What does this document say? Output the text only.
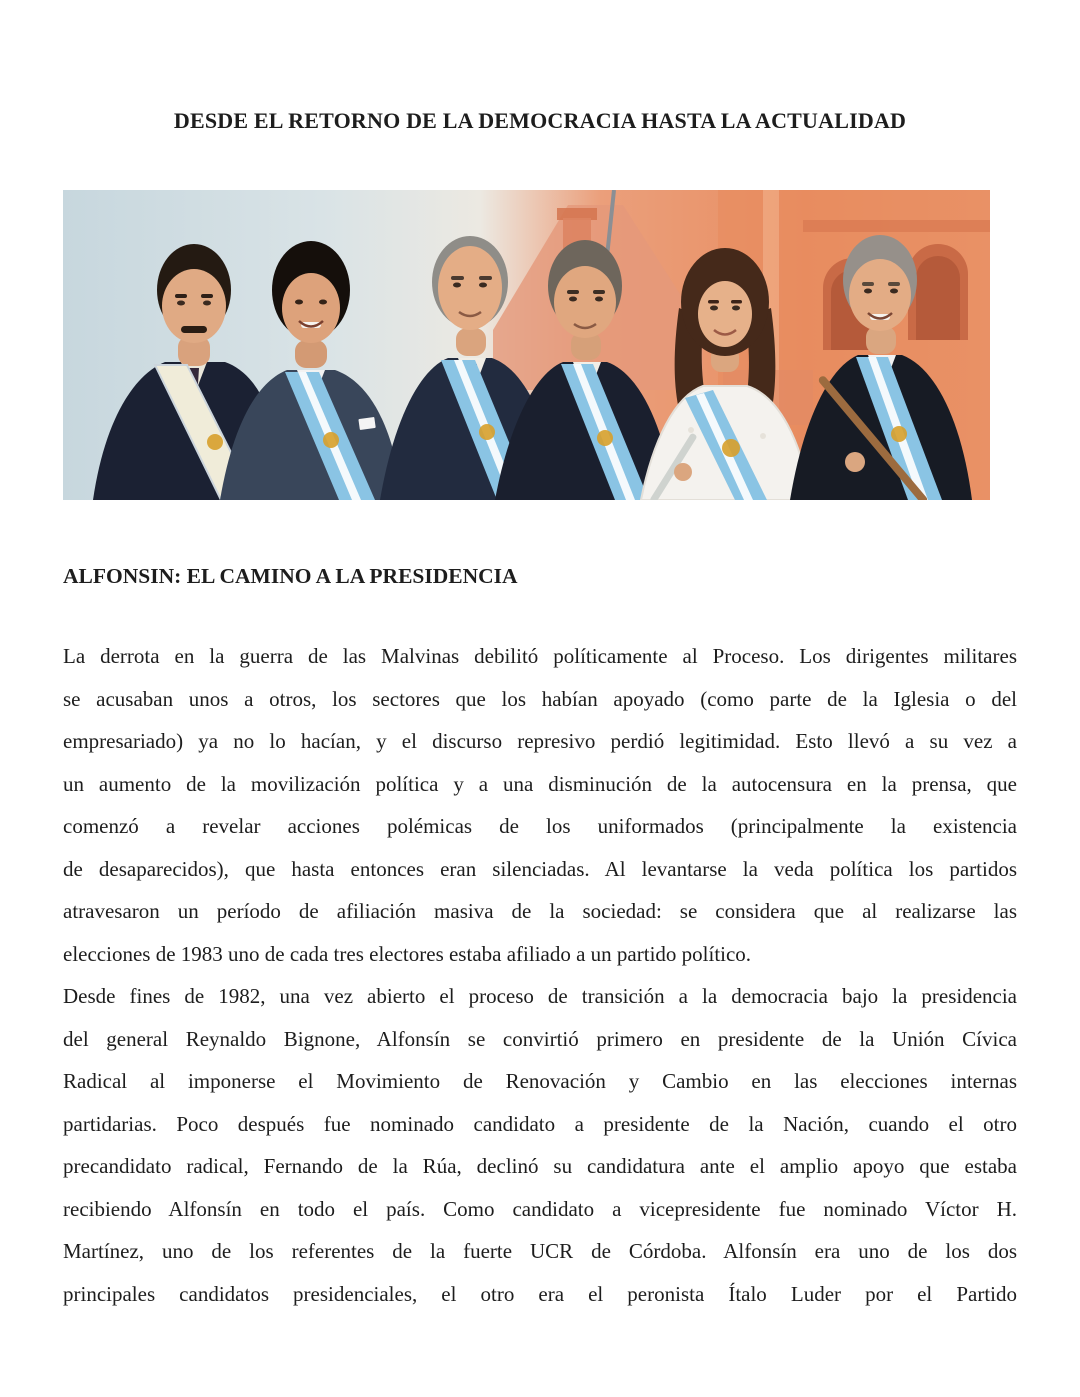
DESDE EL RETORNO DE LA DEMOCRACIA HASTA LA ACTUALIDAD
ALFONSIN: EL CAMINO A LA PRESIDENCIA
La derrota en la guerra de las Malvinas debilitó políticamente al Proceso. Los dirigentes militares
se acusaban unos a otros, los sectores que los habían apoyado (como parte de la Iglesia o del
empresariado) ya no lo hacían, y el discurso represivo perdió legitimidad. Esto llevó a su vez a
un aumento de la movilización política y a una disminución de la autocensura en la prensa, que
comenzó a revelar acciones polémicas de los uniformados (principalmente la existencia
de desaparecidos), que hasta entonces eran silenciadas. Al levantarse la veda política los partidos
atravesaron un período de afiliación masiva de la sociedad: se considera que al realizarse las
elecciones de 1983 uno de cada tres electores estaba afiliado a un partido político.
Desde fines de 1982, una vez abierto el proceso de transición a la democracia bajo la presidencia
del general Reynaldo Bignone, Alfonsín se convirtió primero en presidente de la Unión Cívica
Radical al imponerse el Movimiento de Renovación y Cambio en las elecciones internas
partidarias. Poco después fue nominado candidato a presidente de la Nación, cuando el otro
precandidato radical, Fernando de la Rúa, declinó su candidatura ante el amplio apoyo que estaba
recibiendo Alfonsín en todo el país. Como candidato a vicepresidente fue nominado Víctor H.
Martínez, uno de los referentes de la fuerte UCR de Córdoba. Alfonsín era uno de los dos
principales candidatos presidenciales, el otro era el peronista Ítalo Luder por el Partido
